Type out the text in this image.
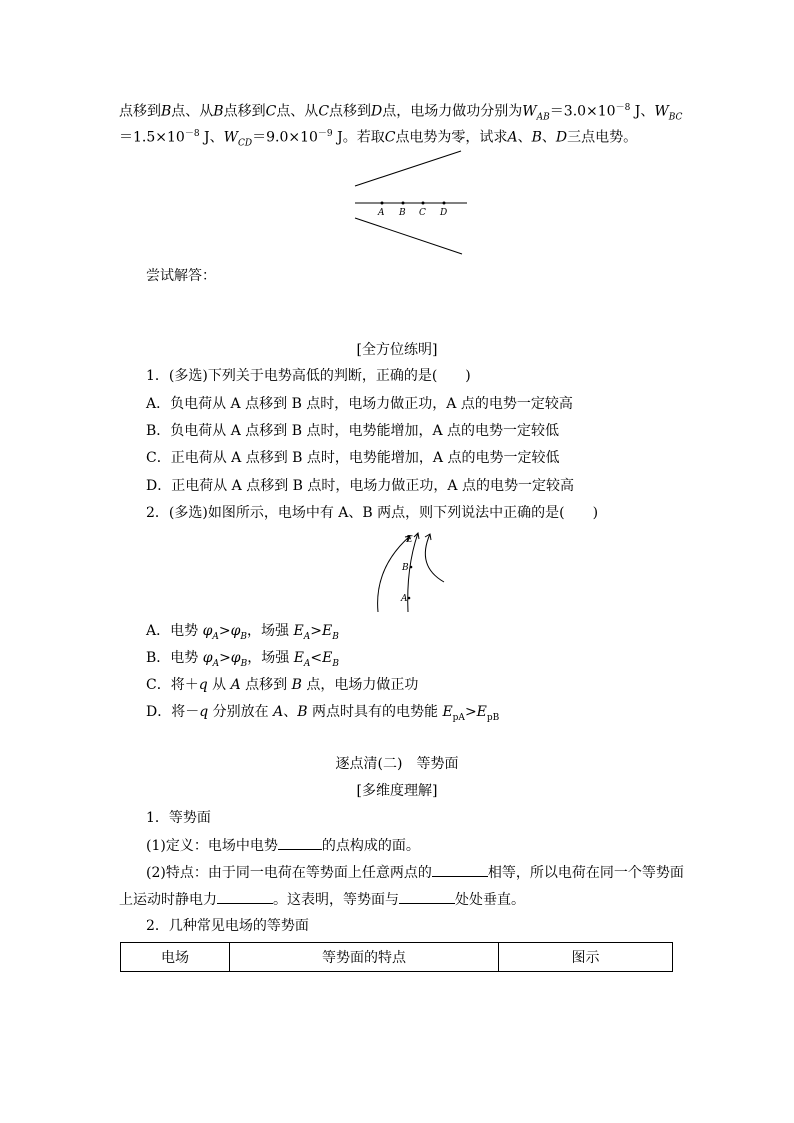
点移到B点、从B点移到C点、从C点移到D点，电场力做功分别为$W_{AB}=3.0\times 10^{-8}$ J、$W_{BC}$
$=1.5\times 10^{-8}$ J、$W_{CD}=9.0\times 10^{-9}$ J。若取C点电势为零，试求A、B、D三点电势。
A B C D
尝试解答：
[全方位练明]
1．(多选)下列关于电势高低的判断，正确的是(　　)
A．负电荷从 A 点移到 B 点时，电场力做正功，A 点的电势一定较高
B．负电荷从 A 点移到 B 点时，电势能增加，A 点的电势一定较低
C．正电荷从 A 点移到 B 点时，电势能增加，A 点的电势一定较低
D．正电荷从 A 点移到 B 点时，电场力做正功，A 点的电势一定较高
2．(多选)如图所示，电场中有 A、B 两点，则下列说法中正确的是(　　)
E
B
A
A．电势 $\varphi_A>\varphi_B$，场强 $E_A>E_B$
B．电势 $\varphi_A>\varphi_B$，场强 $E_A<E_B$
C．将＋q 从 A 点移到 B 点，电场力做正功
D．将－q 分别放在 A、B 两点时具有的电势能 $E_{pA}>E_{pB}$
逐点清(二)　等势面
[多维度理解]
1．等势面
(1)定义：电场中电势	的点构成的面。
(2)特点：由于同一电荷在等势面上任意两点的	相等，所以电荷在同一个等势面
上运动时静电力	。这表明，等势面与	处处垂直。
2．几种常见电场的等势面
电场	等势面的特点	图示
